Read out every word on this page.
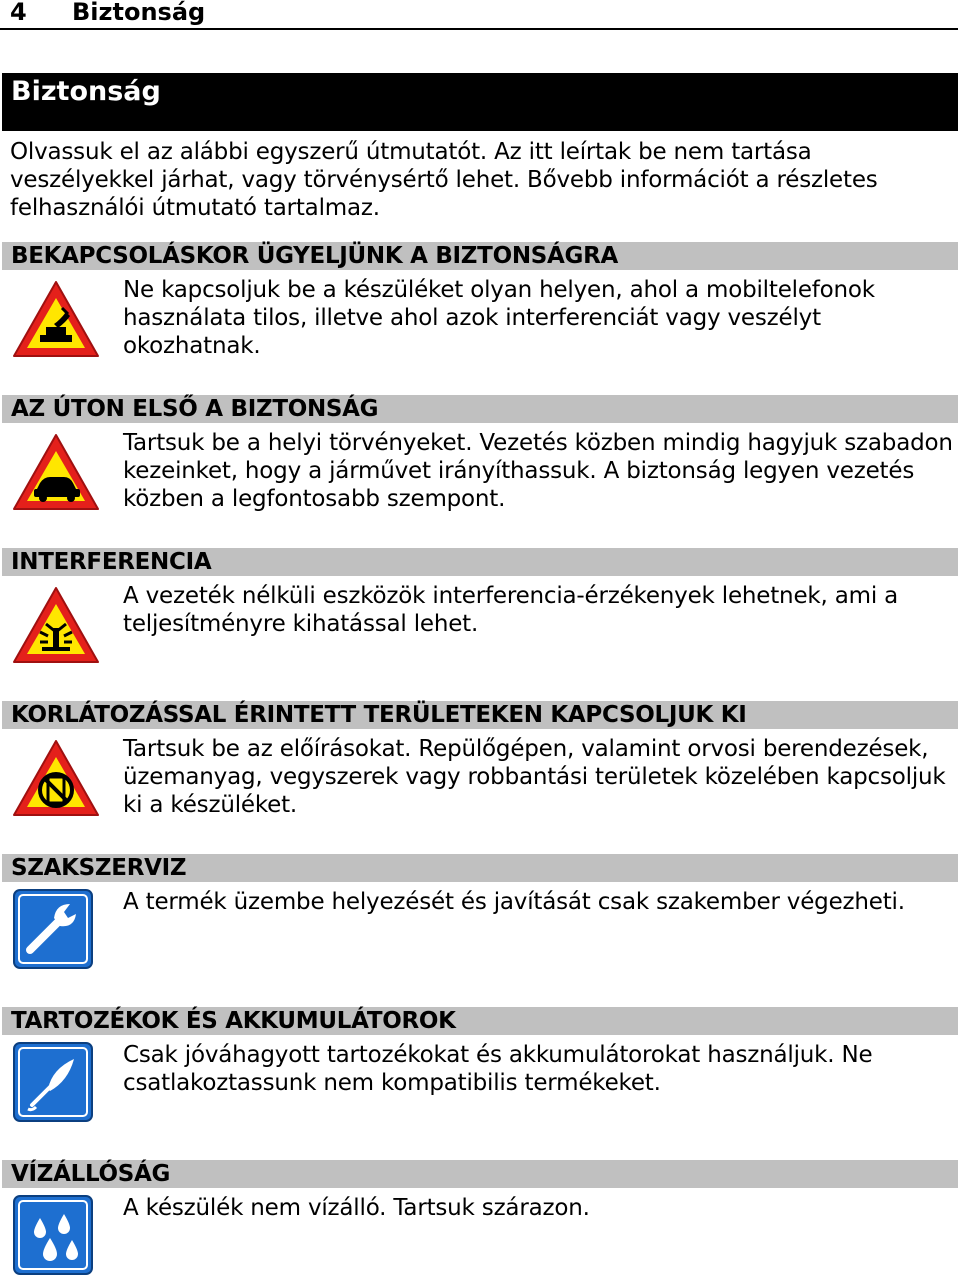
4 Biztonság
Biztonság
Olvassuk el az alábbi egyszerű útmutatót. Az itt leírtak be nem tartása veszélyekkel járhat, vagy törvénysértő lehet. Bővebb információt a részletes felhasználói útmutató tartalmaz.
BEKAPCSOLÁSKOR ÜGYELJÜNK A BIZTONSÁGRA
Ne kapcsoljuk be a készüléket olyan helyen, ahol a mobiltelefonok használata tilos, illetve ahol azok interferenciát vagy veszélyt okozhatnak.
AZ ÚTON ELSŐ A BIZTONSÁG
Tartsuk be a helyi törvényeket. Vezetés közben mindig hagyjuk szabadon kezeinket, hogy a járművet irányíthassuk. A biztonság legyen vezetés közben a legfontosabb szempont.
INTERFERENCIA
A vezeték nélküli eszközök interferencia-érzékenyek lehetnek, ami a teljesítményre kihatással lehet.
KORLÁTOZÁSSAL ÉRINTETT TERÜLETEKEN KAPCSOLJUK KI
Tartsuk be az előírásokat. Repülőgépen, valamint orvosi berendezések, üzemanyag, vegyszerek vagy robbantási területek közelében kapcsoljuk ki a készüléket.
SZAKSZERVIZ
A termék üzembe helyezését és javítását csak szakember végezheti.
TARTOZÉKOK ÉS AKKUMULÁTOROK
Csak jóváhagyott tartozékokat és akkumulátorokat használjuk. Ne csatlakoztassunk nem kompatibilis termékeket.
VÍZÁLLÓSÁG
A készülék nem vízálló. Tartsuk szárazon.
